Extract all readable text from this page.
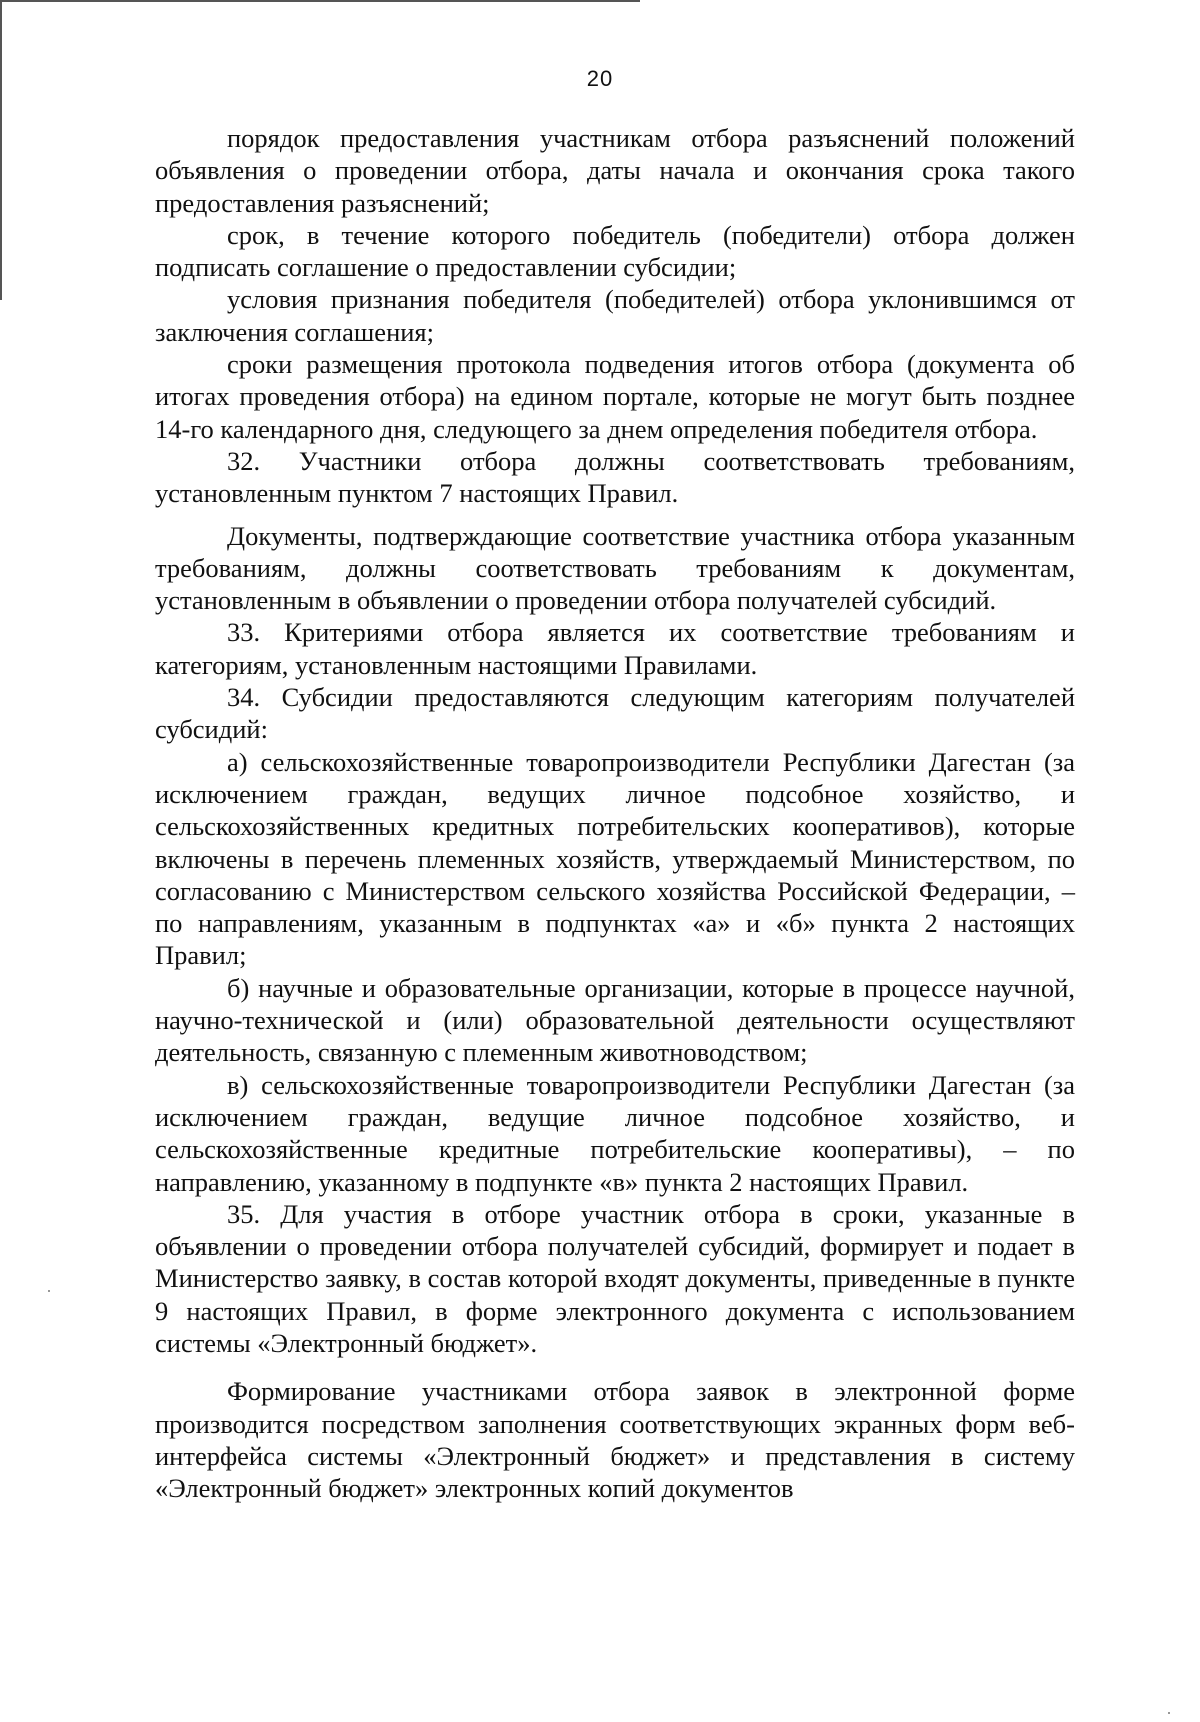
20

порядок предоставления участникам отбора разъяснений положений объявления о проведении отбора, даты начала и окончания срока такого предоставления разъяснений;

срок, в течение которого победитель (победители) отбора должен подписать соглашение о предоставлении субсидии;

условия признания победителя (победителей) отбора уклонившимся от заключения соглашения;

сроки размещения протокола подведения итогов отбора (документа об итогах проведения отбора) на едином портале, которые не могут быть позднее 14-го календарного дня, следующего за днем определения победителя отбора.

32. Участники отбора должны соответствовать требованиям, установленным пунктом 7 настоящих Правил.

Документы, подтверждающие соответствие участника отбора указанным требованиям, должны соответствовать требованиям к документам, установленным в объявлении о проведении отбора получателей субсидий.

33. Критериями отбора является их соответствие требованиям и категориям, установленным настоящими Правилами.

34. Субсидии предоставляются следующим категориям получателей субсидий:

а) сельскохозяйственные товаропроизводители Республики Дагестан (за исключением граждан, ведущих личное подсобное хозяйство, и сельскохозяйственных кредитных потребительских кооперативов), которые включены в перечень племенных хозяйств, утверждаемый Министерством, по согласованию с Министерством сельского хозяйства Российской Федерации, – по направлениям, указанным в подпунктах «а» и «б» пункта 2 настоящих Правил;

б) научные и образовательные организации, которые в процессе научной, научно-технической и (или) образовательной деятельности осуществляют деятельность, связанную с племенным животноводством;

в) сельскохозяйственные товаропроизводители Республики Дагестан (за исключением граждан, ведущие личное подсобное хозяйство, и сельскохозяйственные кредитные потребительские кооперативы), – по направлению, указанному в подпункте «в» пункта 2 настоящих Правил.

35. Для участия в отборе участник отбора в сроки, указанные в объявлении о проведении отбора получателей субсидий, формирует и подает в Министерство заявку, в состав которой входят документы, приведенные в пункте 9 настоящих Правил, в форме электронного документа с использованием системы «Электронный бюджет».

Формирование участниками отбора заявок в электронной форме производится посредством заполнения соответствующих экранных форм веб-интерфейса системы «Электронный бюджет» и представления в систему «Электронный бюджет» электронных копий документов
